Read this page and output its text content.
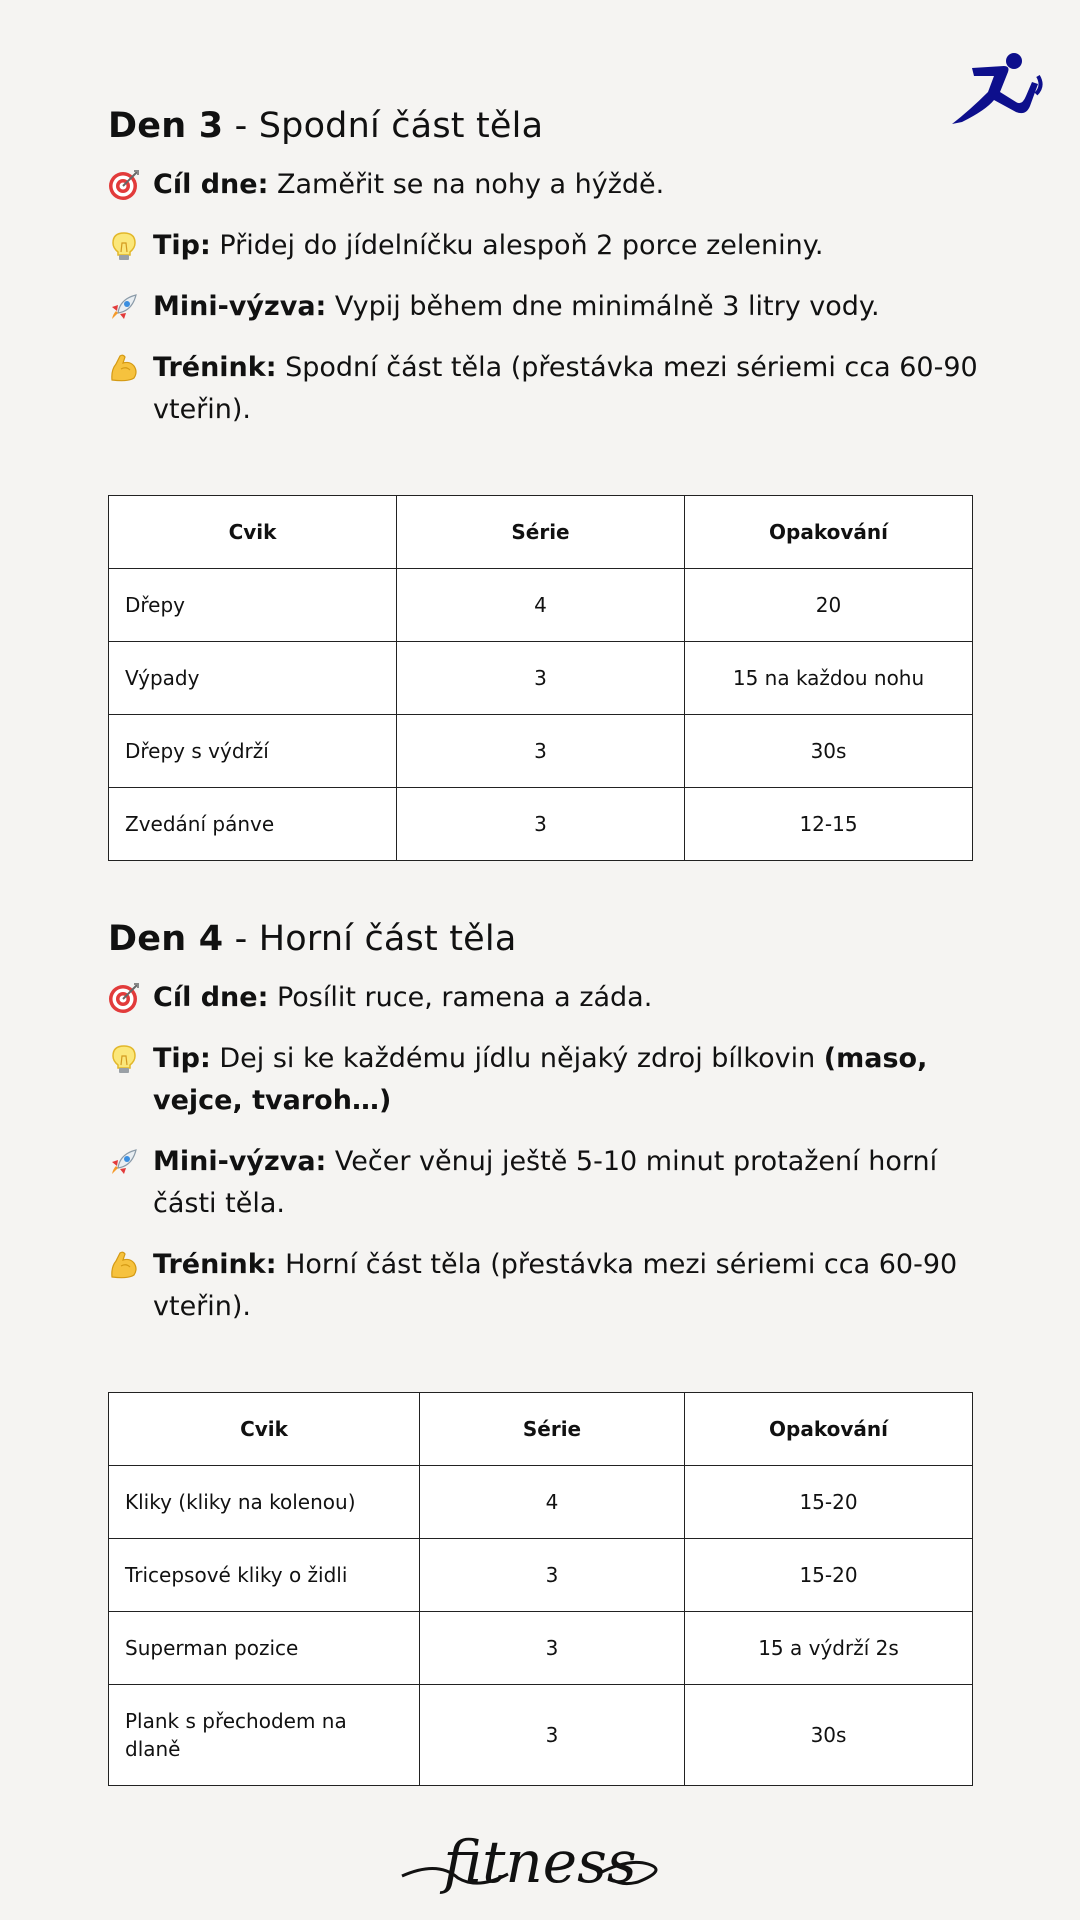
Den 3 - Spodní část těla
Cíl dne: Zaměřit se na nohy a hýždě.
Tip: Přidej do jídelníčku alespoň 2 porce zeleniny.
Mini-výzva: Vypij během dne minimálně 3 litry vody.
Trénink: Spodní část těla (přestávka mezi sériemi cca 60-90 vteřin).
Cvik	Série	Opakování
Dřepy	4	20
Výpady	3	15 na každou nohu
Dřepy s výdrží	3	30s
Zvedání pánve	3	12-15
Den 4 - Horní část těla
Cíl dne: Posílit ruce, ramena a záda.
Tip: Dej si ke každému jídlu nějaký zdroj bílkovin (maso, vejce, tvaroh…)
Mini-výzva: Večer věnuj ještě 5-10 minut protažení horní části těla.
Trénink: Horní část těla (přestávka mezi sériemi cca 60-90 vteřin).
Cvik	Série	Opakování
Kliky (kliky na kolenou)	4	15-20
Tricepsové kliky o židli	3	15-20
Superman pozice	3	15 a výdrží 2s
Plank s přechodem na dlaně	3	30s
fitness
